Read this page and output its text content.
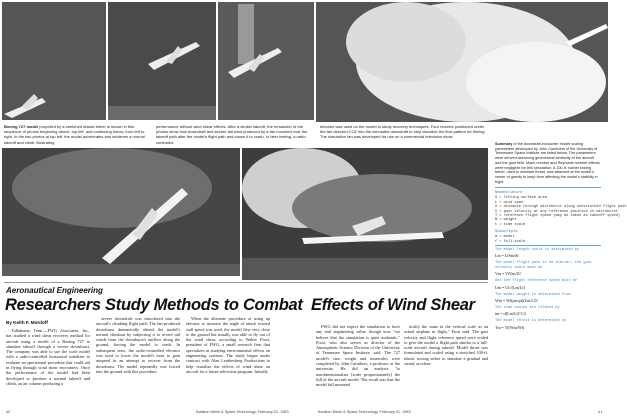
Boeing 727 model propelled by a stretched elastic tether is shown in this sequence of photos beginning above, top left, and continuing below, from left to right. In the two photos at top left, the model accelerates and achieves a normal takeoff and climb, illustrating
performance without wind shear effects. After a similar takeoff, the remainder of the photos show how downdraft and severe tail wind produced by a fan mounted over the takeoff path alter the model's flight path and cause it to crash. In later testing, a radio-controlled
elevator was used on the model to study recovery techniques. Four nozzles positioned under the fan directed CO2 into the simulated downdraft to help visualize the flow pattern for filming. The simulation fan was developed for use on a commercial television show.
Summary of the downdraft-encounter model scaling parameters developed by John Caruthers of the University of Tennessee Space Institute are listed below. The parameters were derived assuming geometrical similarity of the aircraft and the gust field. Mach number and Reynolds number effects were negligible for this simulation. A 100-ft. rubber towing tether, used to simulate thrust, was attached at the model's center of gravity to keep from affecting the model's stability in flight.
Nomenclature
S = lifting surface area
L = wind span
X = distance through microburst along undisturbed flight path
V = gust velocity at any reference position in microburst
T = reference flight speed (may be taken as takeoff speed)
W = weight
t = time scale
Subscripts
m = model
f = full scale
The model length scale is determined by
Lm = LfSm/Sf
The model flight path to be similar, the gust velocity scale must be
Vm = VfUm/Uf
And the flight reference speed must be
Um = Uf√(Lm/Lf)
The model weight is determined from
Wm = Wf(ρm/ρf)(Lm/Lf)³
The time scales are related by
tm = tf(Lm/Lf)^1/2
The model thrust is determined by
Tm = Tf(Wm/Wf)
Aeronautical Engineering
Researchers Study Methods to Combat Effects of Wind Shear
By Keith F. Mordoff

Tullahoma, Tenn.—FWG Associates, Inc., has studied a wind shear recovery method for aircraft using a model of a Boeing 727 to simulate takeoff through a severe downburst. The company was able to use the scale model with a radio-controlled horizontal stabilizer to evaluate an operational procedure that could aid in flying through wind shear encounters. Once the performance of the model had been developed to produce a normal takeoff and climb, an air column producing a

severe downdraft was introduced into the aircraft's climbing flight path. The fan-produced downburst dramatically altered the model's normal climbout by subjecting it to severe tail winds from the downburst's outflow along the ground, forcing the model to crash. In subsequent tests, the radio-controlled elevator was used to lower the model's nose to gain airspeed in an attempt to recover from the downburst. The model repeatedly was forced into the ground with this procedure.

When the alternate procedure of using up elevator to increase the angle of attack toward stall speed was used, the model flew very close to the ground but usually was able to fly out of the wind shear, according to Walter Frost, president of FWG, a small research firm that specializes in studying environmental effects on engineering systems. The study began under contract with Alan Leuthesberg Productions to help visualize the effects of wind shear on aircraft for a future television program. Initially

FWG did not expect the simulation to have any real engineering value, though now "we believe that the simulation is quite authentic," Frost, who also serves as director of the Atmospheric Science Division of the University of Tennessee Space Institute, said. The 727 model's size, weight and timescales were completed by John Caruthers, a professor at the university. He did an analysis "to nondimensionalize [scale proportionately] the full of the aircraft model. The result was that the model full mounted

tically the same in the vertical scale as an actual airplane in flight," Frost said. The gust velocity and flight reference speed were scaled to give the model a flight path similar to a full-scale aircraft during takeoff. Model thrust was formulated and scaled using a stretched 100-ft. elastic towing tether to simulate a gradual and steady accelera-

40	Aviation Week & Space Technology, February 21, 1983	Aviation Week & Space Technology, February 21, 1983	41
